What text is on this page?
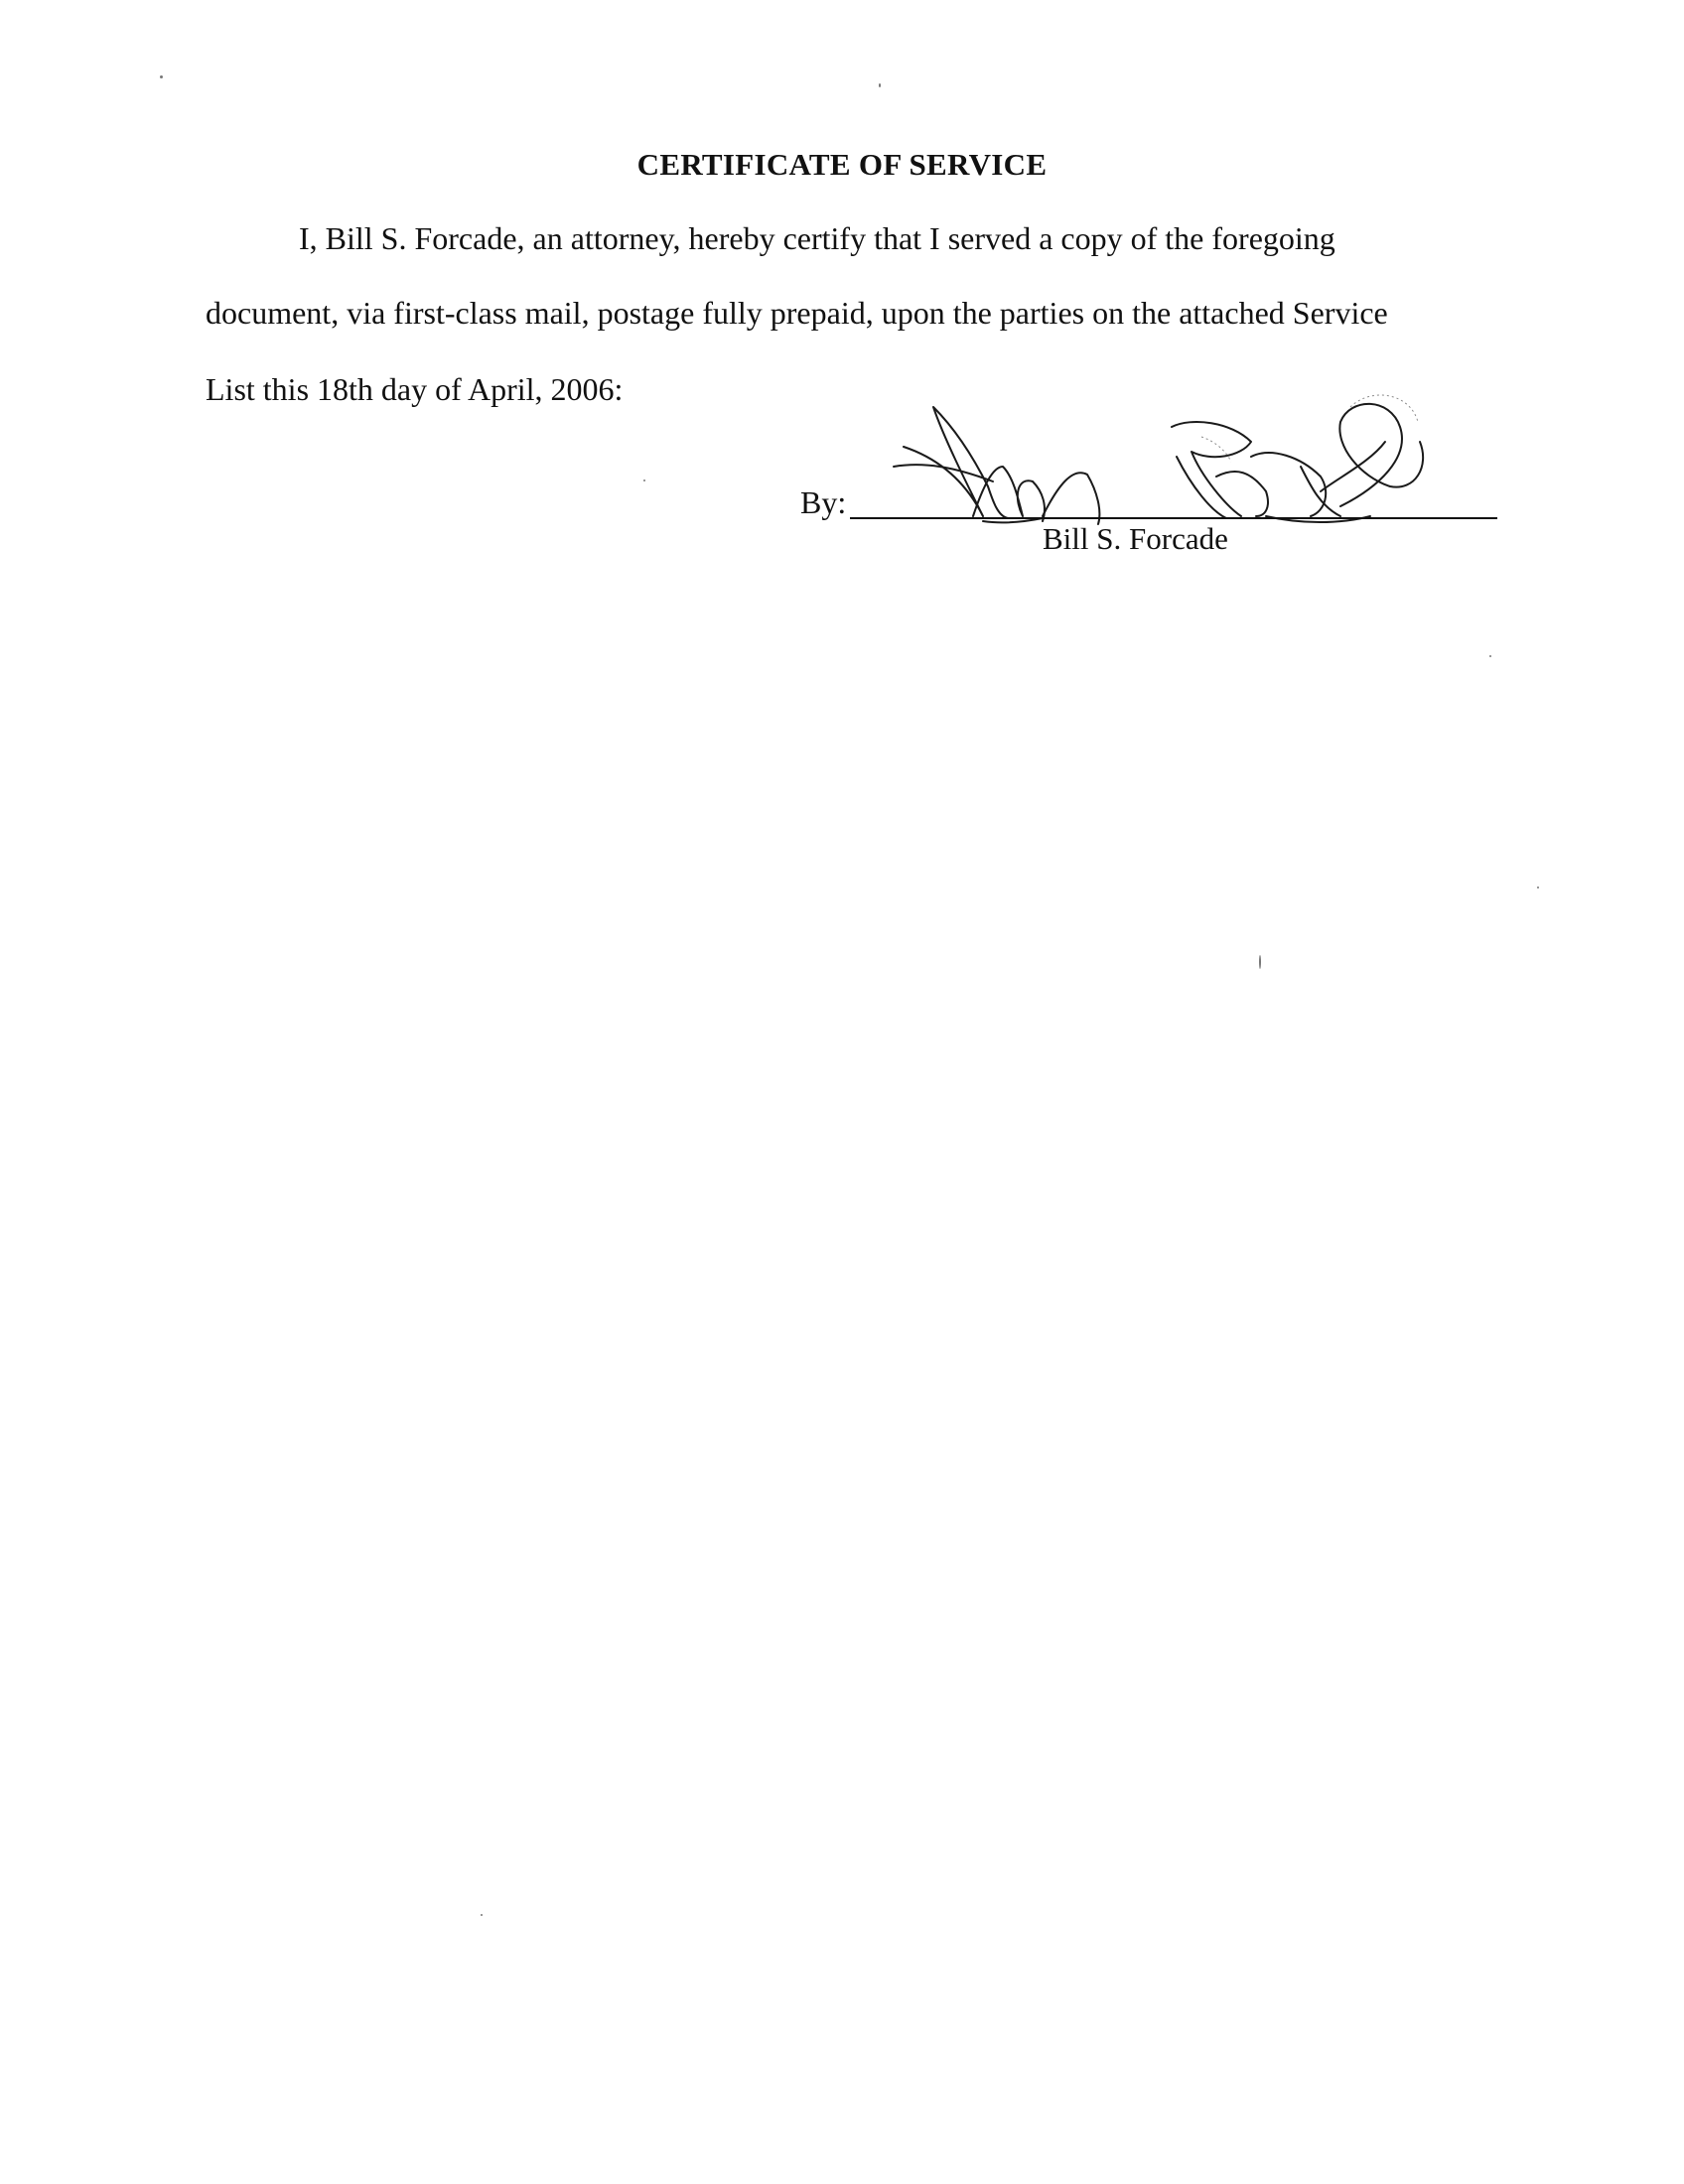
CERTIFICATE OF SERVICE

I, Bill S. Forcade, an attorney, hereby certify that I served a copy of the foregoing

document, via first-class mail, postage fully prepaid, upon the parties on the attached Service

List this 18th day of April, 2006:

By:
Bill S. Forcade
